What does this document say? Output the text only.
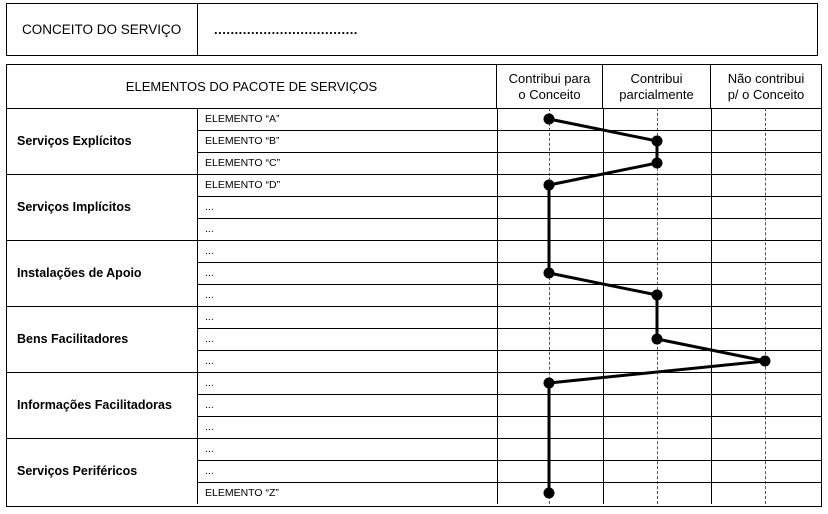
CONCEITO DO SERVIÇO	...................................
ELEMENTOS DO PACOTE DE SERVIÇOS
Contribui para
o Conceito
Contribui
parcialmente
Não contribui
p/ o Conceito
Serviços Explícitos
ELEMENTO “A”
ELEMENTO “B”
ELEMENTO “C”
Serviços Implícitos
ELEMENTO “D”
...
...
Instalações de Apoio
...
...
...
Bens Facilitadores
...
...
...
Informações Facilitadoras
...
...
...
Serviços Periféricos
...
...
ELEMENTO “Z”
